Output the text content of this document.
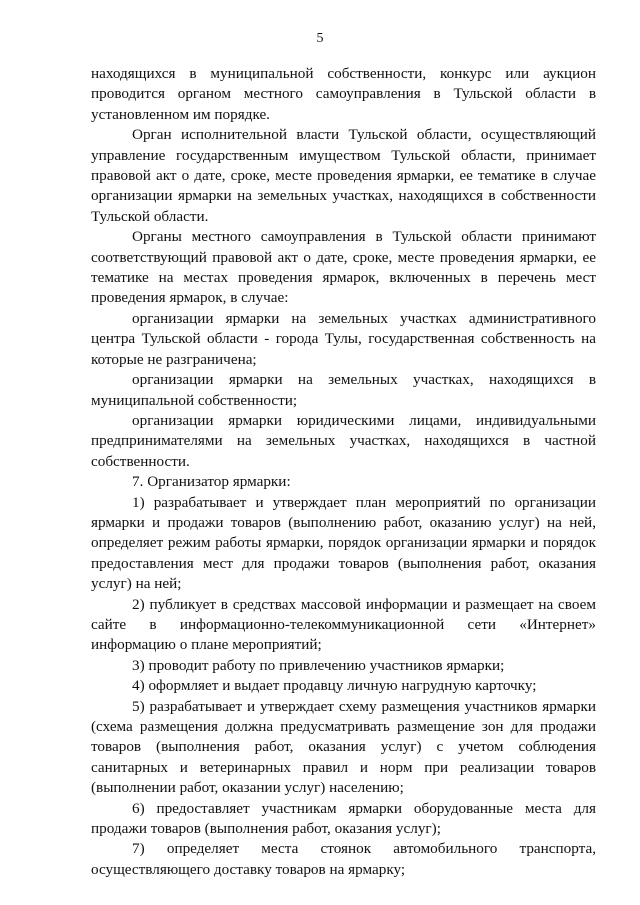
5

находящихся в муниципальной собственности, конкурс или аукцион проводится органом местного самоуправления в Тульской области в установленном им порядке.

Орган исполнительной власти Тульской области, осуществляющий управление государственным имуществом Тульской области, принимает правовой акт о дате, сроке, месте проведения ярмарки, ее тематике в случае организации ярмарки на земельных участках, находящихся в собственности Тульской области.

Органы местного самоуправления в Тульской области принимают соответствующий правовой акт о дате, сроке, месте проведения ярмарки, ее тематике на местах проведения ярмарок, включенных в перечень мест проведения ярмарок, в случае:

организации ярмарки на земельных участках административного центра Тульской области - города Тулы, государственная собственность на которые не разграничена;

организации ярмарки на земельных участках, находящихся в муниципальной собственности;

организации ярмарки юридическими лицами, индивидуальными предпринимателями на земельных участках, находящихся в частной собственности.

7. Организатор ярмарки:

1) разрабатывает и утверждает план мероприятий по организации ярмарки и продажи товаров (выполнению работ, оказанию услуг) на ней, определяет режим работы ярмарки, порядок организации ярмарки и порядок предоставления мест для продажи товаров (выполнения работ, оказания услуг) на ней;

2) публикует в средствах массовой информации и размещает на своем сайте в информационно-телекоммуникационной сети «Интернет» информацию о плане мероприятий;

3) проводит работу по привлечению участников ярмарки;

4) оформляет и выдает продавцу личную нагрудную карточку;

5) разрабатывает и утверждает схему размещения участников ярмарки (схема размещения должна предусматривать размещение зон для продажи товаров (выполнения работ, оказания услуг) с учетом соблюдения санитарных и ветеринарных правил и норм при реализации товаров (выполнении работ, оказании услуг) населению;

6) предоставляет участникам ярмарки оборудованные места для продажи товаров (выполнения работ, оказания услуг);

7) определяет места стоянок автомобильного транспорта, осуществляющего доставку товаров на ярмарку;
